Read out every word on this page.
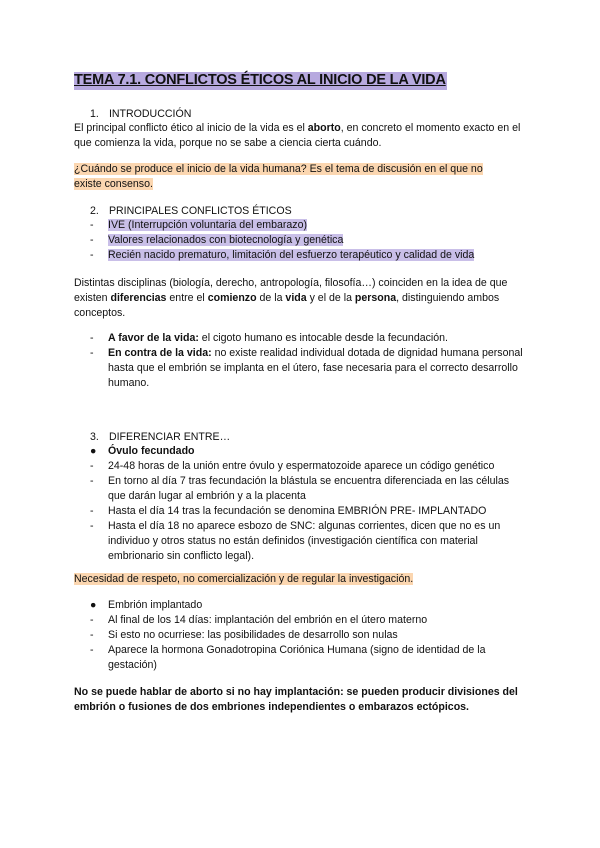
TEMA 7.1. CONFLICTOS ÉTICOS AL INICIO DE LA VIDA
1. INTRODUCCIÓN
El principal conflicto ético al inicio de la vida es el aborto, en concreto el momento exacto en el que comienza la vida, porque no se sabe a ciencia cierta cuándo.
¿Cuándo se produce el inicio de la vida humana? Es el tema de discusión en el que no
existe consenso.
2. PRINCIPALES CONFLICTOS ÉTICOS
- IVE (Interrupción voluntaria del embarazo)
- Valores relacionados con biotecnología y genética
- Recién nacido prematuro, limitación del esfuerzo terapéutico y calidad de vida
Distintas disciplinas (biología, derecho, antropología, filosofía…) coinciden en la idea de que existen diferencias entre el comienzo de la vida y el de la persona, distinguiendo ambos conceptos.
- A favor de la vida: el cigoto humano es intocable desde la fecundación.
- En contra de la vida: no existe realidad individual dotada de dignidad humana personal hasta que el embrión se implanta en el útero, fase necesaria para el correcto desarrollo humano.
3. DIFERENCIAR ENTRE…
● Óvulo fecundado
- 24-48 horas de la unión entre óvulo y espermatozoide aparece un código genético
- En torno al día 7 tras fecundación la blástula se encuentra diferenciada en las células que darán lugar al embrión y a la placenta
- Hasta el día 14 tras la fecundación se denomina EMBRIÓN PRE- IMPLANTADO
- Hasta el día 18 no aparece esbozo de SNC: algunas corrientes, dicen que no es un individuo y otros status no están definidos (investigación científica con material embrionario sin conflicto legal).
Necesidad de respeto, no comercialización y de regular la investigación.
● Embrión implantado
- Al final de los 14 días: implantación del embrión en el útero materno
- Si esto no ocurriese: las posibilidades de desarrollo son nulas
- Aparece la hormona Gonadotropina Coriónica Humana (signo de identidad de la gestación)
No se puede hablar de aborto si no hay implantación: se pueden producir divisiones del embrión o fusiones de dos embriones independientes o embarazos ectópicos.
